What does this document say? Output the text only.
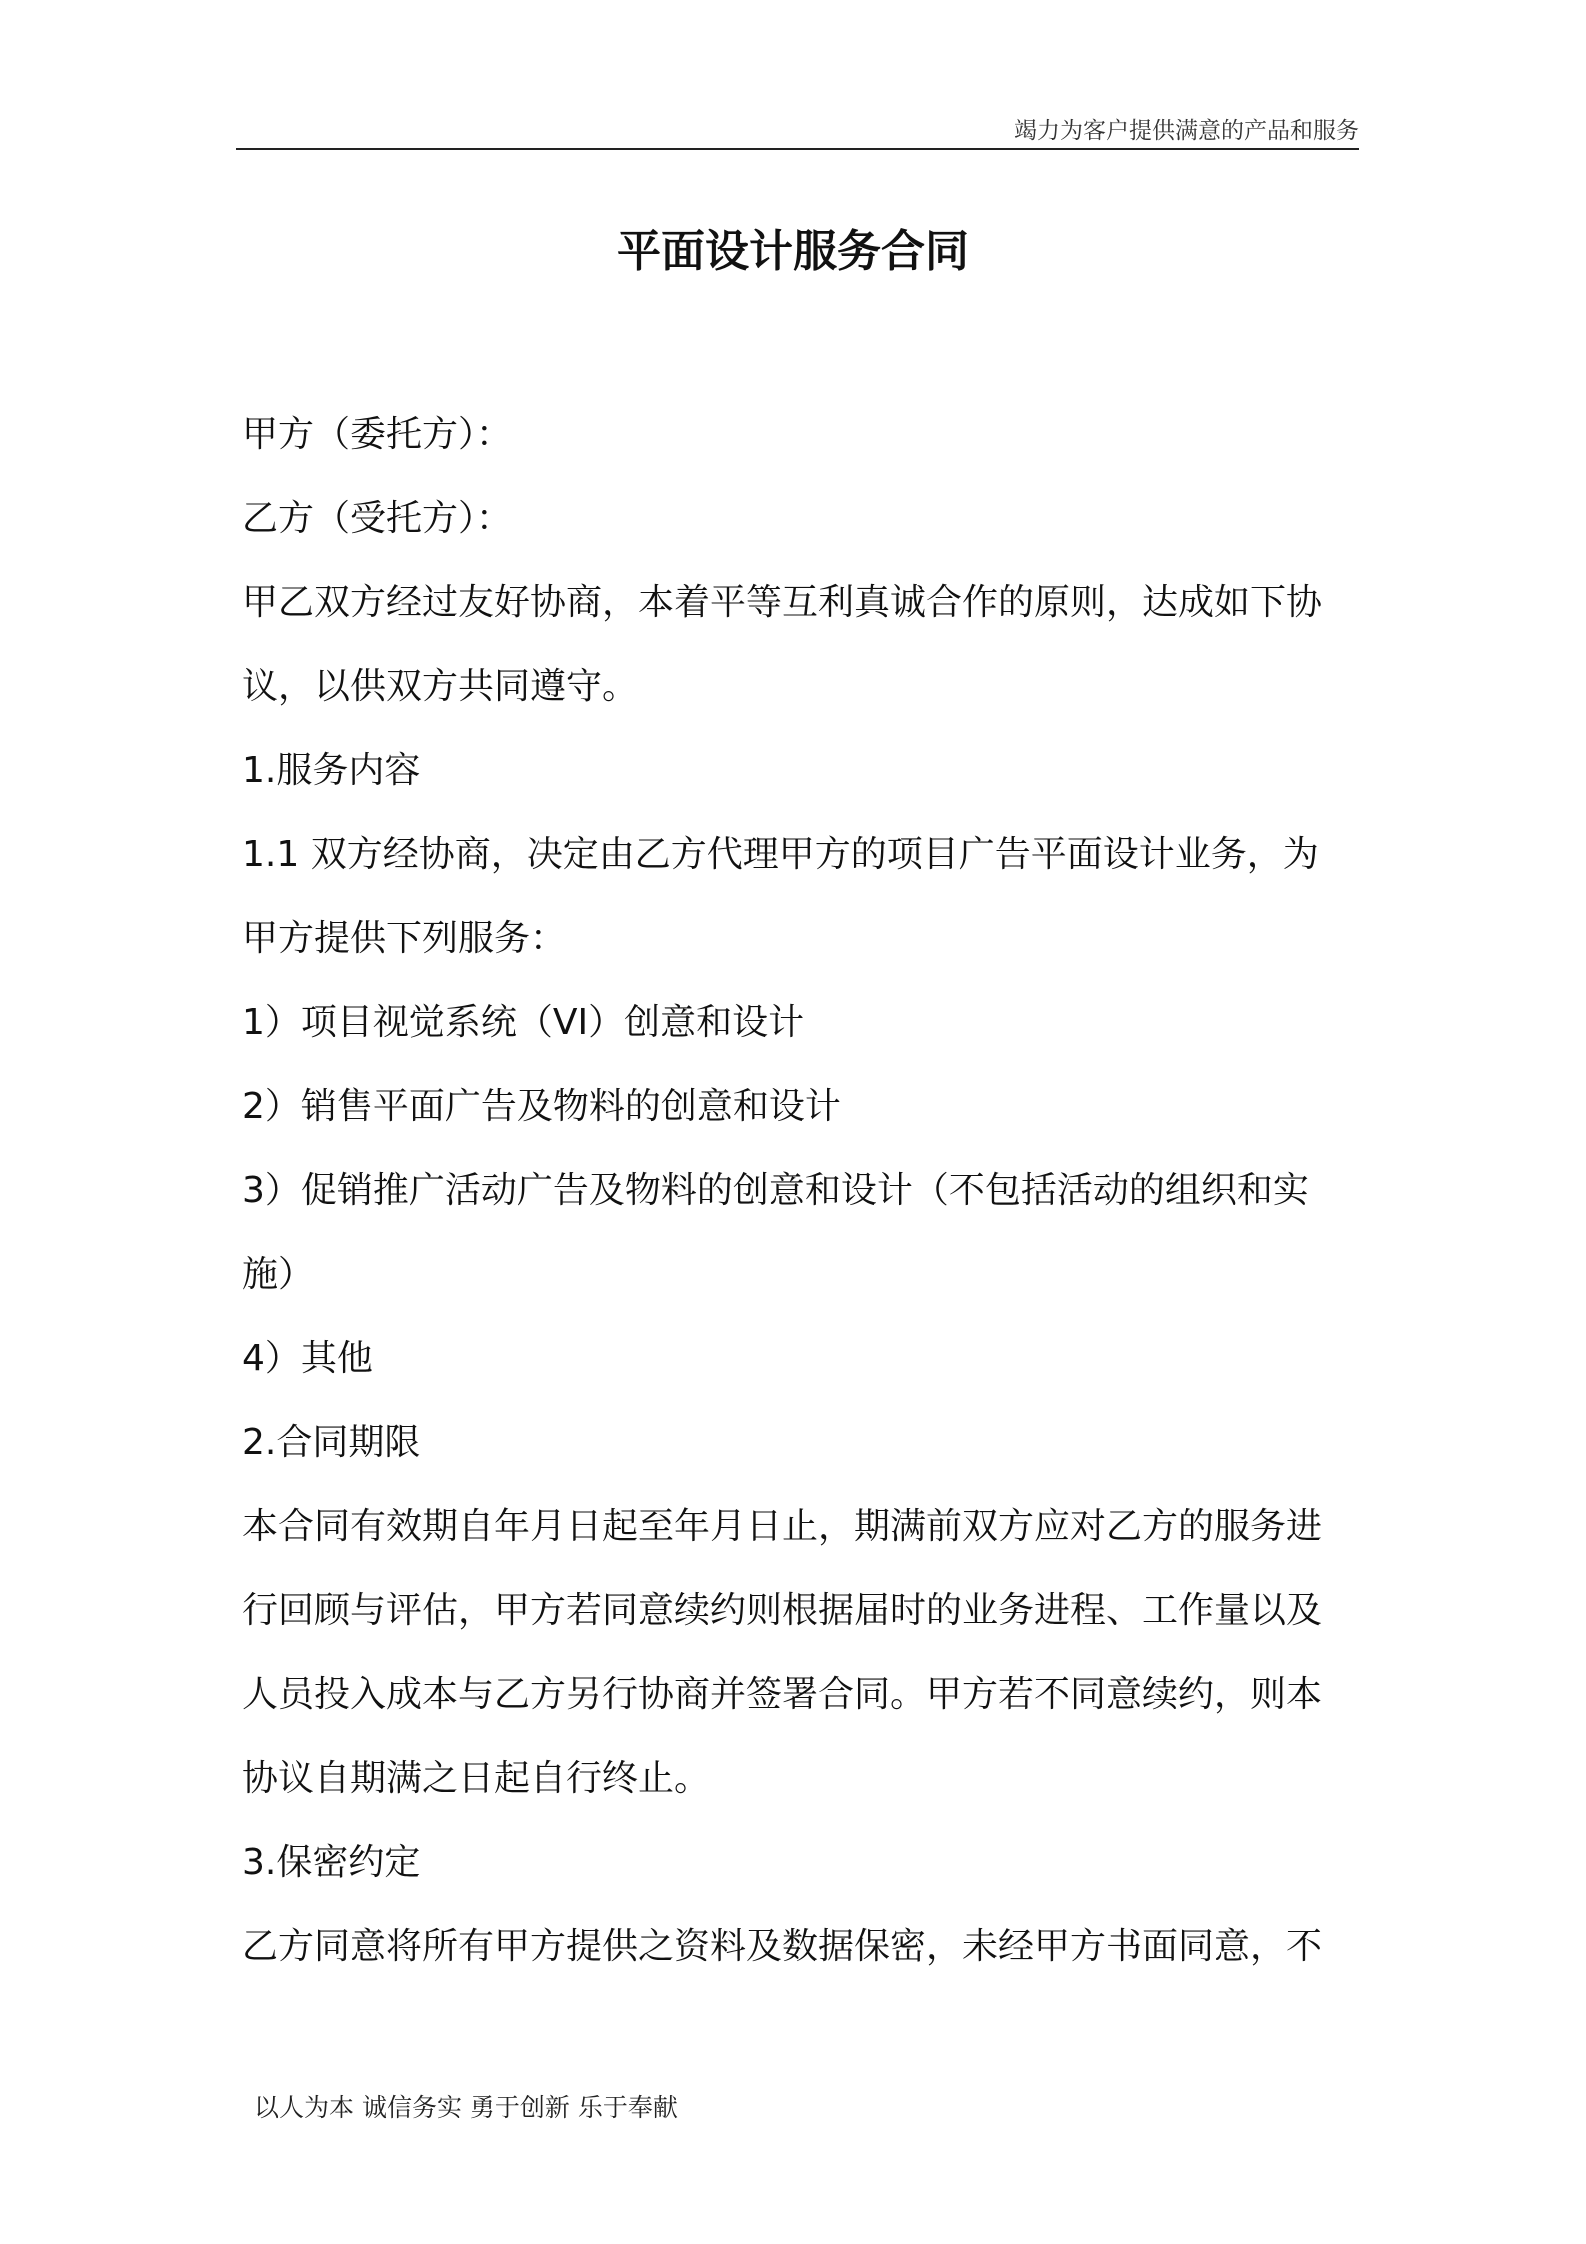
竭力为客户提供满意的产品和服务
平面设计服务合同
甲方（委托方）：
乙方（受托方）：
甲乙双方经过友好协商，本着平等互利真诚合作的原则，达成如下协
议，以供双方共同遵守。
1.服务内容
1.1 双方经协商，决定由乙方代理甲方的项目广告平面设计业务，为
甲方提供下列服务：
1）项目视觉系统（VI）创意和设计
2）销售平面广告及物料的创意和设计
3）促销推广活动广告及物料的创意和设计（不包括活动的组织和实
施）
4）其他
2.合同期限
本合同有效期自年月日起至年月日止，期满前双方应对乙方的服务进
行回顾与评估，甲方若同意续约则根据届时的业务进程、工作量以及
人员投入成本与乙方另行协商并签署合同。甲方若不同意续约，则本
协议自期满之日起自行终止。
3.保密约定
乙方同意将所有甲方提供之资料及数据保密，未经甲方书面同意，不
以人为本 诚信务实 勇于创新 乐于奉献
